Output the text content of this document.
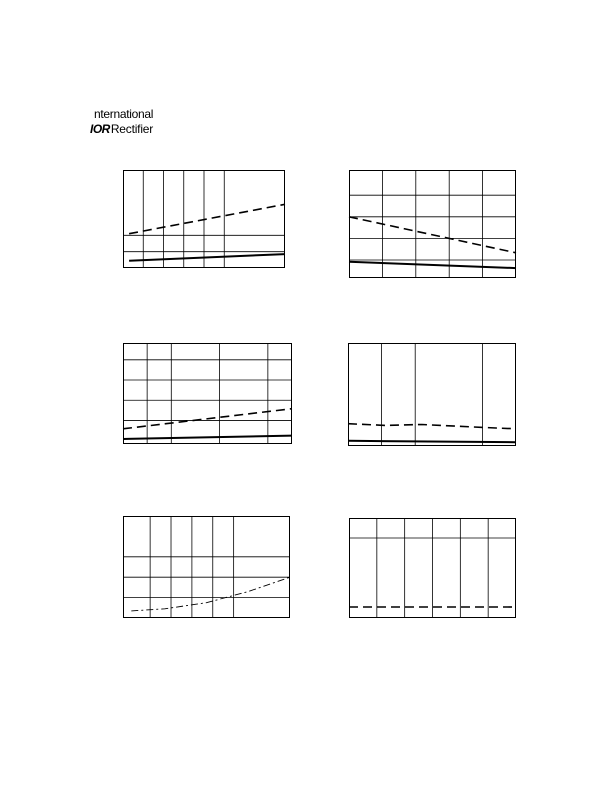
nternational
IORRectifier
